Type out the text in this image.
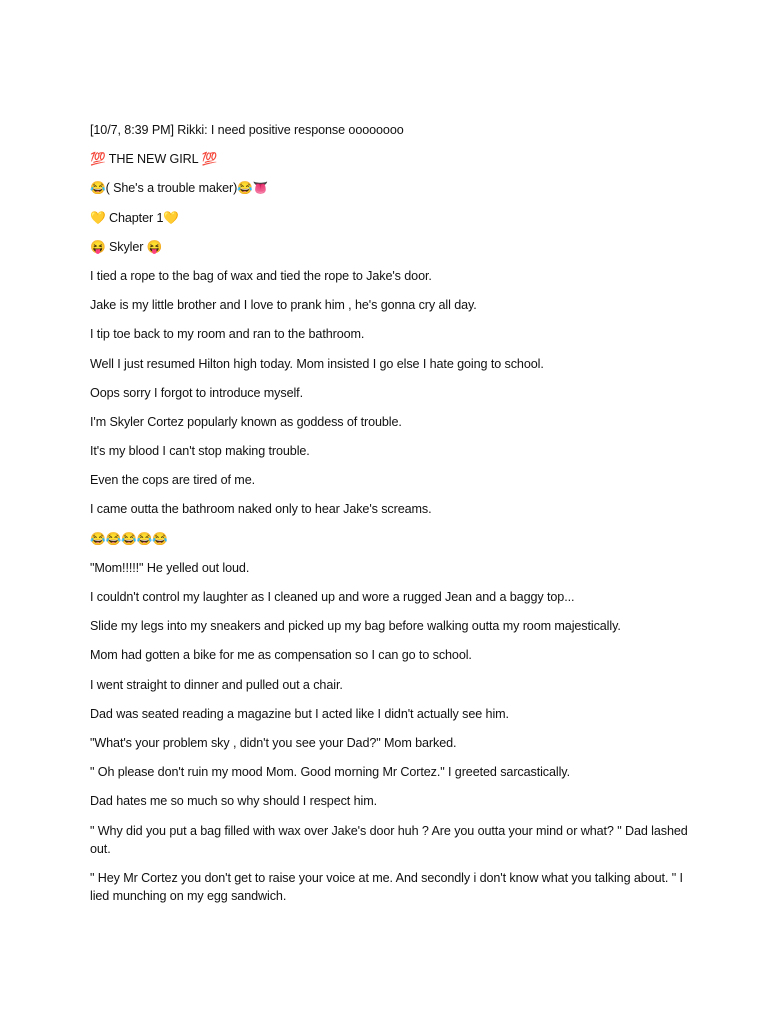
[10/7, 8:39 PM] Rikki: I need positive response oooooooo
💯 THE NEW GIRL 💯
😂( She's a trouble maker)😂👅
💛 Chapter 1💛
😝 Skyler 😝
I tied a rope to the bag of wax and tied the rope to Jake's door.
Jake is my little brother and I love to prank him , he's gonna cry all day.
I tip toe back to my room and ran to the bathroom.
Well I just resumed Hilton high today. Mom insisted I go else I hate going to school.
Oops sorry I forgot to introduce myself.
I'm Skyler Cortez popularly known as goddess of trouble.
It's my blood I can't stop making trouble.
Even the cops are tired of me.
I came outta the bathroom naked only to hear Jake's screams.
😂😂😂😂😂
"Mom!!!!!" He yelled out loud.
I couldn't control my laughter as I cleaned up and wore a rugged Jean and a baggy top...
Slide my legs into my sneakers and picked up my bag before walking outta my room majestically.
Mom had gotten a bike for me as compensation so I can go to school.
I went straight to dinner and pulled out a chair.
Dad was seated reading a magazine but I acted like I didn't actually see him.
"What's your problem sky , didn't you see your Dad?" Mom barked.
" Oh please don't ruin my mood Mom. Good morning Mr Cortez." I greeted sarcastically.
Dad hates me so much so why should I respect him.
" Why did you put a bag filled with wax over Jake's door huh ? Are you outta your mind or what? " Dad lashed out.
" Hey Mr Cortez you don't get to raise your voice at me. And secondly i don't know what you talking about. " I lied munching on my egg sandwich.
